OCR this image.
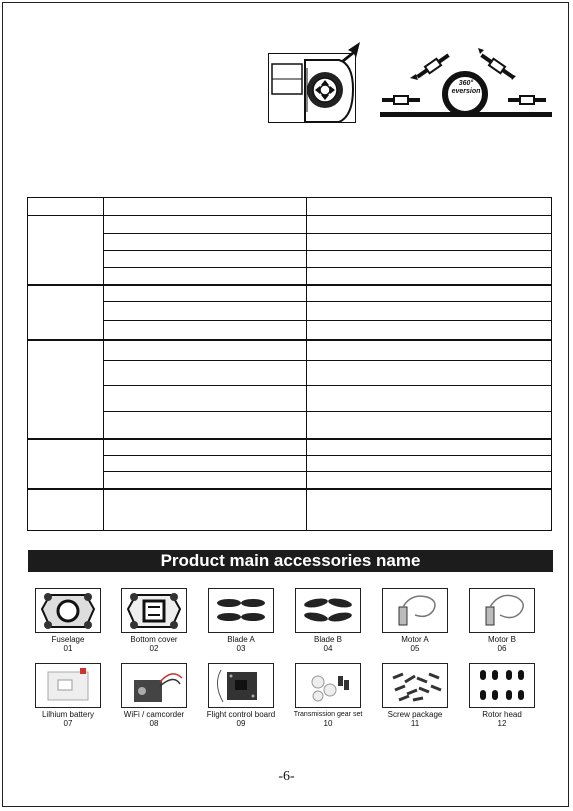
360°
eversion
Product main accessories name
Fuselage
01
Bottom cover
02
Blade A
03
Blade B
04
Motor A
05
Motor B
06
Lilhium battery
07
WiFi / camcorder
08
Flight control board
09
Transmission gear set
10
Screw package
11
Rotor head
12
-6-
